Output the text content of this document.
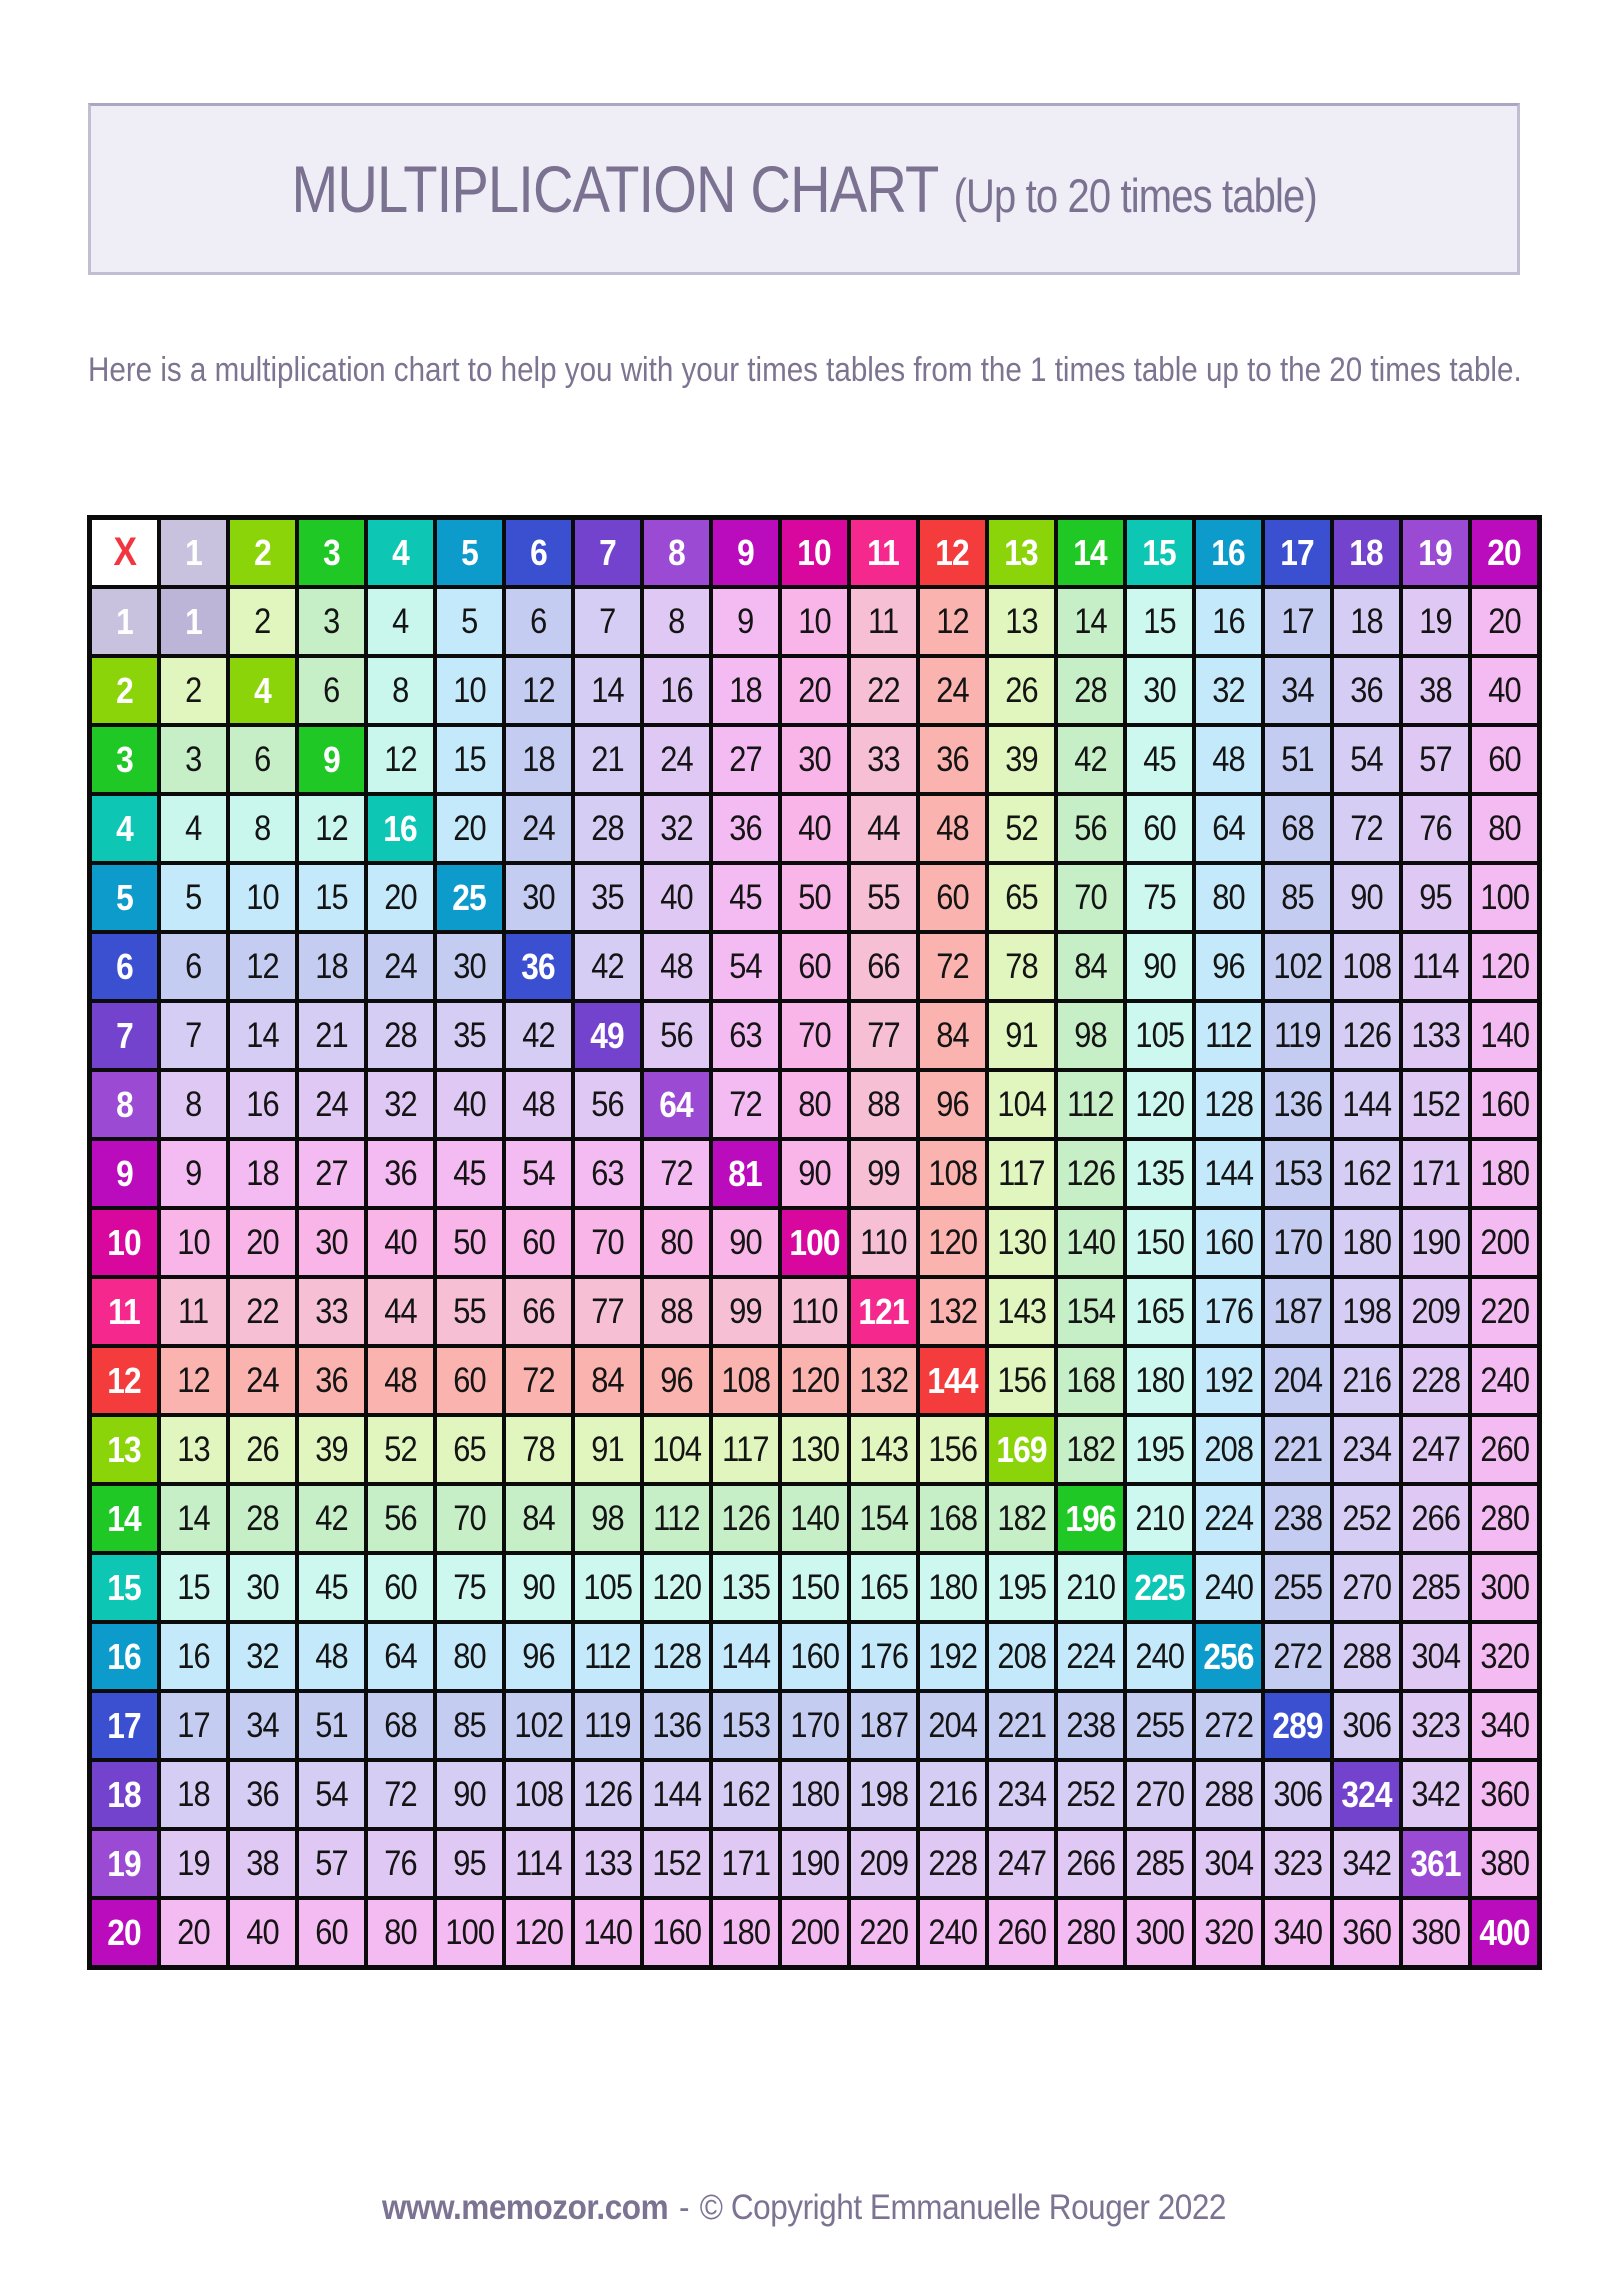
MULTIPLICATION CHART (Up to 20 times table)

Here is a multiplication chart to help you with your times tables from the 1 times table up to the 20 times table.

X 1 2 3 4 5 6 7 8 9 10 11 12 13 14 15 16 17 18 19 20
1 1 2 3 4 5 6 7 8 9 10 11 12 13 14 15 16 17 18 19 20
2 2 4 6 8 10 12 14 16 18 20 22 24 26 28 30 32 34 36 38 40
3 3 6 9 12 15 18 21 24 27 30 33 36 39 42 45 48 51 54 57 60
4 4 8 12 16 20 24 28 32 36 40 44 48 52 56 60 64 68 72 76 80
5 5 10 15 20 25 30 35 40 45 50 55 60 65 70 75 80 85 90 95 100
6 6 12 18 24 30 36 42 48 54 60 66 72 78 84 90 96 102 108 114 120
7 7 14 21 28 35 42 49 56 63 70 77 84 91 98 105 112 119 126 133 140
8 8 16 24 32 40 48 56 64 72 80 88 96 104 112 120 128 136 144 152 160
9 9 18 27 36 45 54 63 72 81 90 99 108 117 126 135 144 153 162 171 180
10 10 20 30 40 50 60 70 80 90 100 110 120 130 140 150 160 170 180 190 200
11 11 22 33 44 55 66 77 88 99 110 121 132 143 154 165 176 187 198 209 220
12 12 24 36 48 60 72 84 96 108 120 132 144 156 168 180 192 204 216 228 240
13 13 26 39 52 65 78 91 104 117 130 143 156 169 182 195 208 221 234 247 260
14 14 28 42 56 70 84 98 112 126 140 154 168 182 196 210 224 238 252 266 280
15 15 30 45 60 75 90 105 120 135 150 165 180 195 210 225 240 255 270 285 300
16 16 32 48 64 80 96 112 128 144 160 176 192 208 224 240 256 272 288 304 320
17 17 34 51 68 85 102 119 136 153 170 187 204 221 238 255 272 289 306 323 340
18 18 36 54 72 90 108 126 144 162 180 198 216 234 252 270 288 306 324 342 360
19 19 38 57 76 95 114 133 152 171 190 209 228 247 266 285 304 323 342 361 380
20 20 40 60 80 100 120 140 160 180 200 220 240 260 280 300 320 340 360 380 400
www.memozor.com - © Copyright Emmanuelle Rouger 2022
